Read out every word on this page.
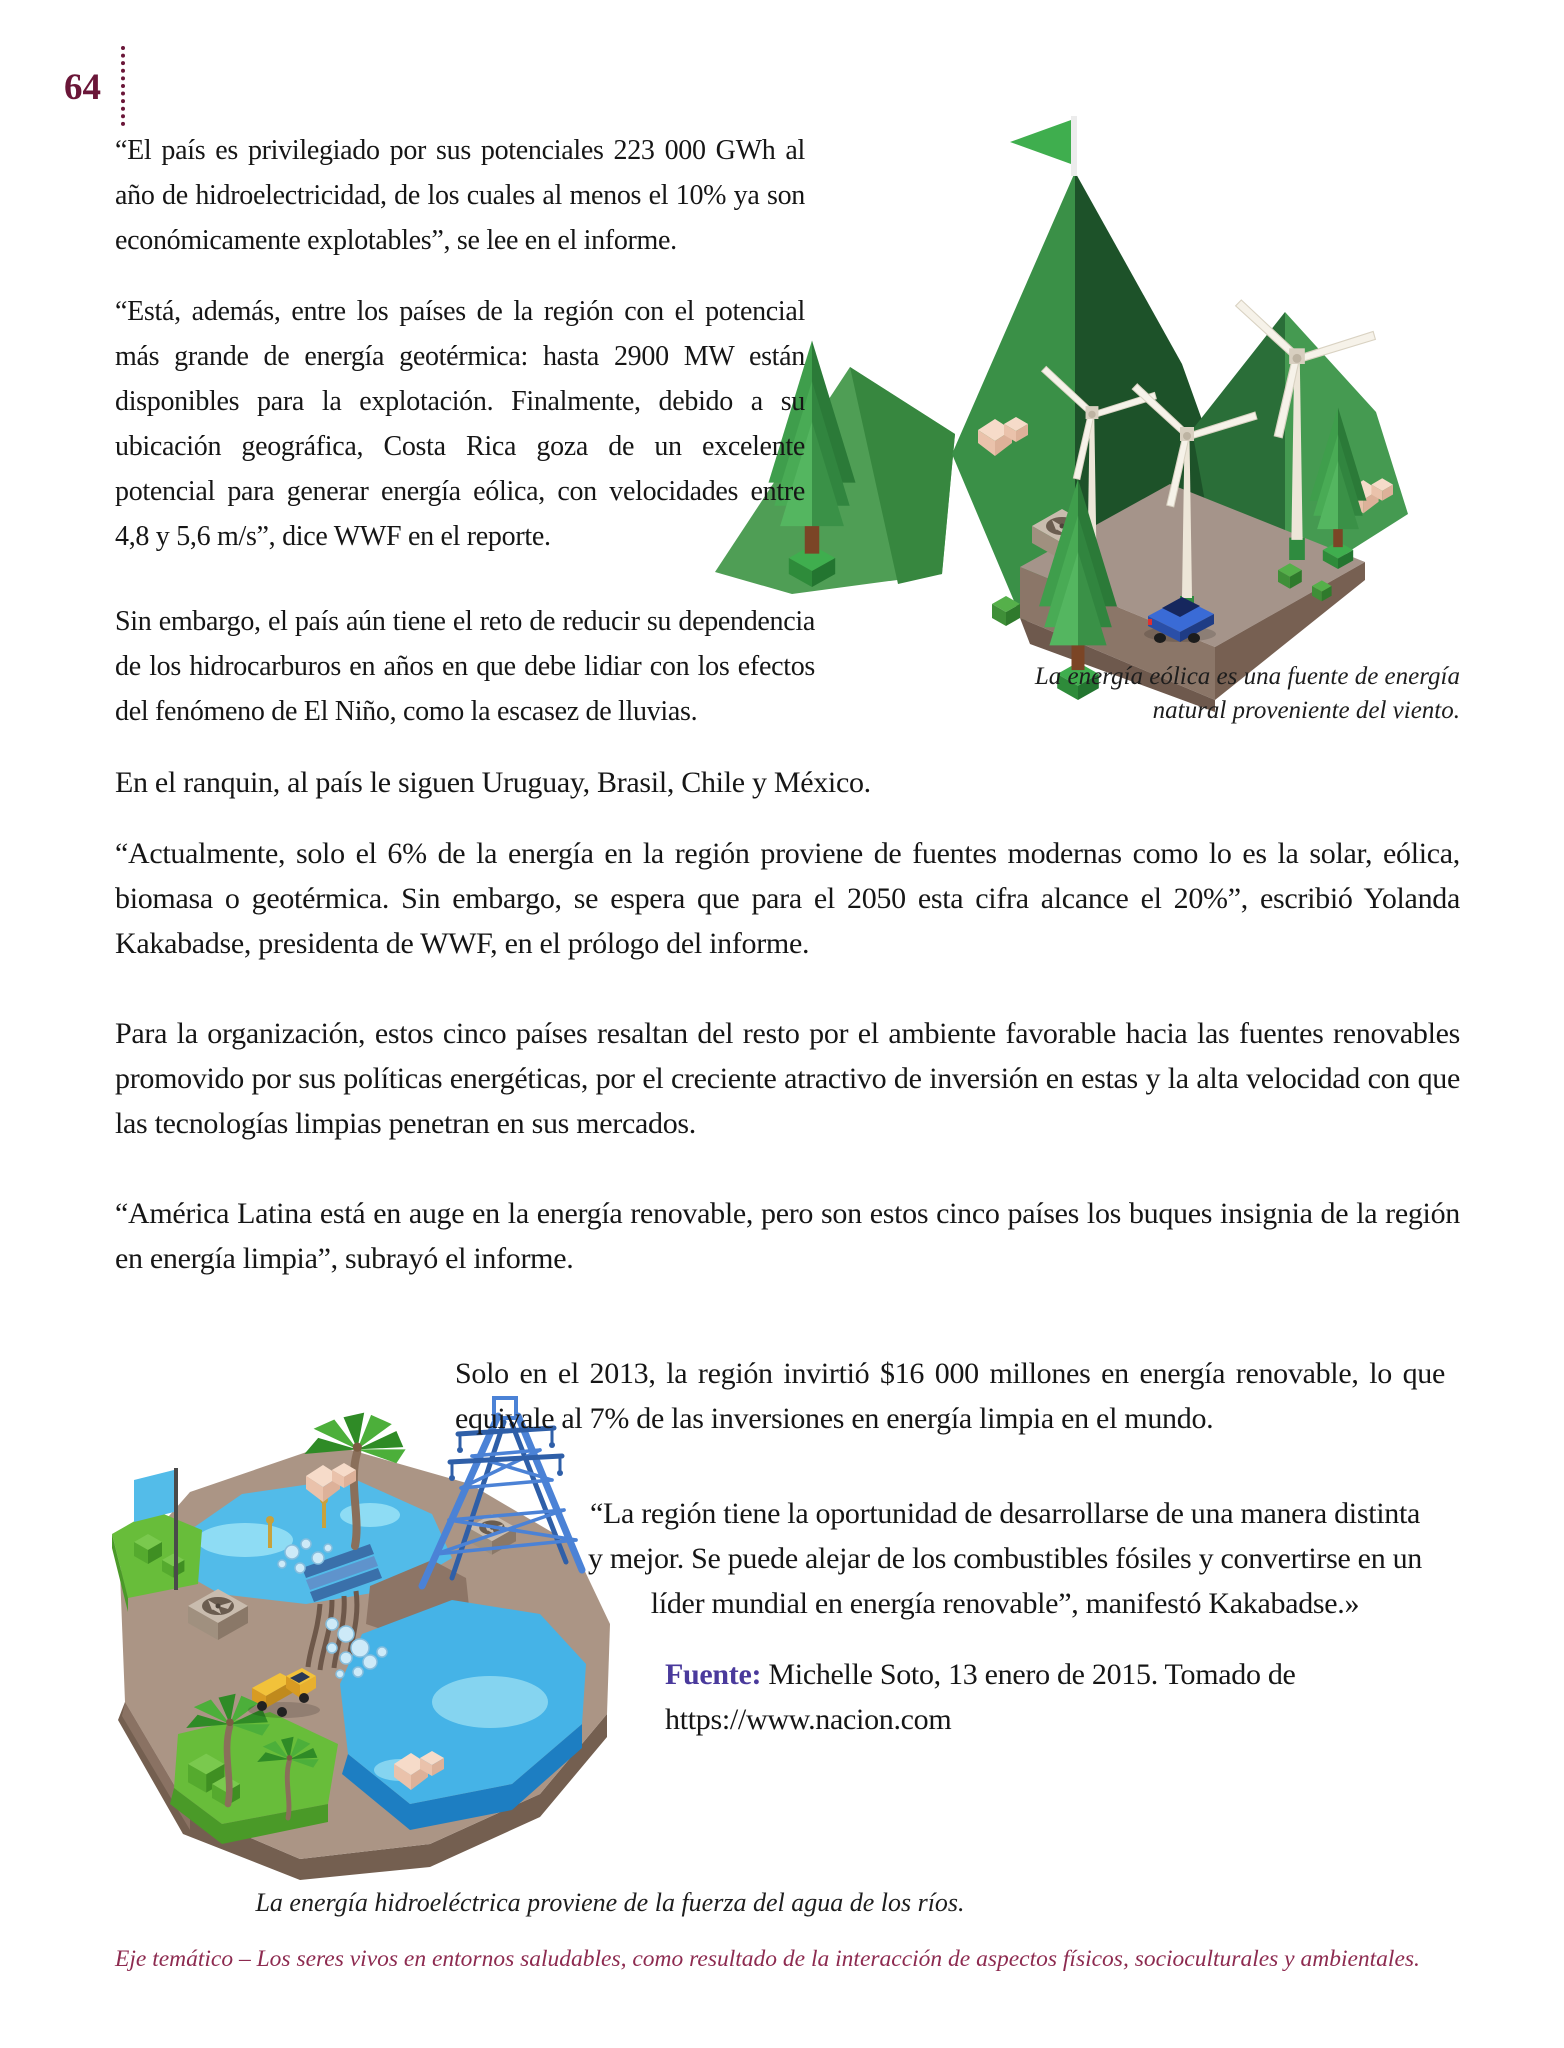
64

“El país es privilegiado por sus potenciales 223 000 GWh al año de hidroelectricidad, de los cuales al menos el 10% ya son económicamente explotables”, se lee en el informe.

“Está, además, entre los países de la región con el potencial más grande de energía geotérmica: hasta 2900 MW están disponibles para la explotación. Finalmente, debido a su ubicación geográfica, Costa Rica goza de un excelente potencial para generar energía eólica, con velocidades entre 4,8 y 5,6 m/s”, dice WWF en el reporte.

Sin embargo, el país aún tiene el reto de reducir su dependencia de los hidrocarburos en años en que debe lidiar con los efectos del fenómeno de El Niño, como la escasez de lluvias.

En el ranquin, al país le siguen Uruguay, Brasil, Chile y México.

“Actualmente, solo el 6% de la energía en la región proviene de fuentes modernas como lo es la solar, eólica, biomasa o geotérmica. Sin embargo, se espera que para el 2050 esta cifra alcance el 20%”, escribió Yolanda Kakabadse, presidenta de WWF, en el prólogo del informe.

Para la organización, estos cinco países resaltan del resto por el ambiente favorable hacia las fuentes renovables promovido por sus políticas energéticas, por el creciente atractivo de inversión en estas y la alta velocidad con que las tecnologías limpias penetran en sus mercados.

“América Latina está en auge en la energía renovable, pero son estos cinco países los buques insignia de la región en energía limpia”, subrayó el informe.

Solo en el 2013, la región invirtió $16 000 millones en energía renovable, lo que equivale al 7% de las inversiones en energía limpia en el mundo.

“La región tiene la oportunidad de desarrollarse de una manera distinta y mejor. Se puede alejar de los combustibles fósiles y convertirse en un líder mundial en energía renovable”, manifestó Kakabadse.»

Fuente: Michelle Soto, 13 enero de 2015. Tomado de https://www.nacion.com

La energía eólica es una fuente de energía natural proveniente del viento.
La energía hidroeléctrica proviene de la fuerza del agua de los ríos.
Eje temático – Los seres vivos en entornos saludables, como resultado de la interacción de aspectos físicos, socioculturales y ambientales.
